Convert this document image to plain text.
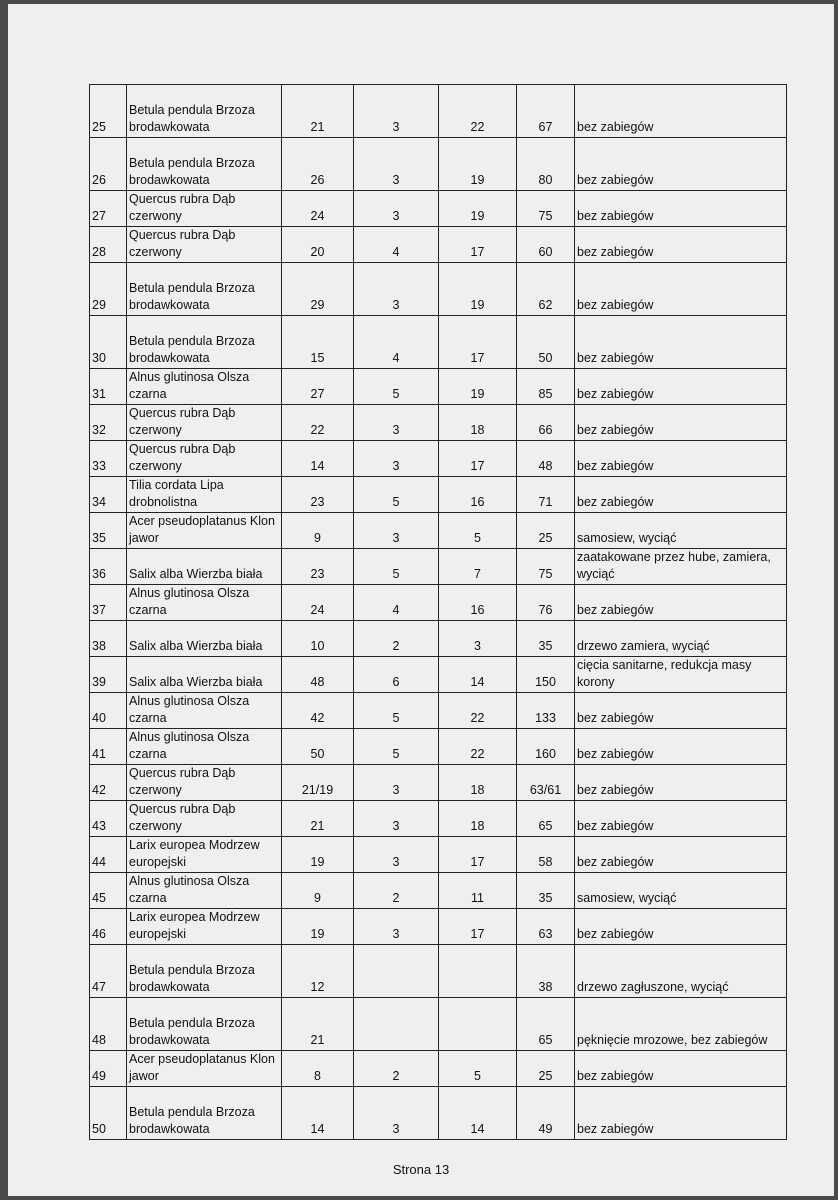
25	Betula pendula Brzoza brodawkowata	21	3	22	67	bez zabiegów
26	Betula pendula Brzoza brodawkowata	26	3	19	80	bez zabiegów
27	Quercus rubra Dąb czerwony	24	3	19	75	bez zabiegów
28	Quercus rubra Dąb czerwony	20	4	17	60	bez zabiegów
29	Betula pendula Brzoza brodawkowata	29	3	19	62	bez zabiegów
30	Betula pendula Brzoza brodawkowata	15	4	17	50	bez zabiegów
31	Alnus glutinosa Olsza czarna	27	5	19	85	bez zabiegów
32	Quercus rubra Dąb czerwony	22	3	18	66	bez zabiegów
33	Quercus rubra Dąb czerwony	14	3	17	48	bez zabiegów
34	Tilia cordata Lipa drobnolistna	23	5	16	71	bez zabiegów
35	Acer pseudoplatanus Klon jawor	9	3	5	25	samosiew, wyciąć
36	Salix alba Wierzba biała	23	5	7	75	zaatakowane przez hube, zamiera, wyciąć
37	Alnus glutinosa Olsza czarna	24	4	16	76	bez zabiegów
38	Salix alba Wierzba biała	10	2	3	35	drzewo zamiera, wyciąć
39	Salix alba Wierzba biała	48	6	14	150	cięcia sanitarne, redukcja masy korony
40	Alnus glutinosa Olsza czarna	42	5	22	133	bez zabiegów
41	Alnus glutinosa Olsza czarna	50	5	22	160	bez zabiegów
42	Quercus rubra Dąb czerwony	21/19	3	18	63/61	bez zabiegów
43	Quercus rubra Dąb czerwony	21	3	18	65	bez zabiegów
44	Larix europea Modrzew europejski	19	3	17	58	bez zabiegów
45	Alnus glutinosa Olsza czarna	9	2	11	35	samosiew, wyciąć
46	Larix europea Modrzew europejski	19	3	17	63	bez zabiegów
47	Betula pendula Brzoza brodawkowata	12			38	drzewo zagłuszone, wyciąć
48	Betula pendula Brzoza brodawkowata	21			65	pęknięcie mrozowe, bez zabiegów
49	Acer pseudoplatanus Klon jawor	8	2	5	25	bez zabiegów
50	Betula pendula Brzoza brodawkowata	14	3	14	49	bez zabiegów
Strona 13
